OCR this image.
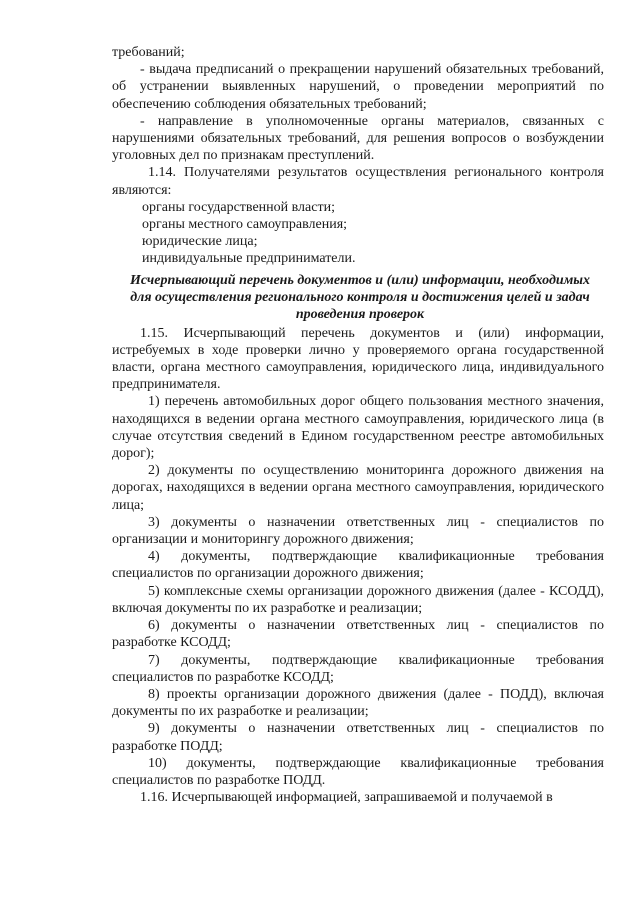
требований;

- выдача предписаний о прекращении нарушений обязательных требований, об устранении выявленных нарушений, о проведении мероприятий по обеспечению соблюдения обязательных требований;

- направление в уполномоченные органы материалов, связанных с нарушениями обязательных требований, для решения вопросов о возбуждении уголовных дел по признакам преступлений.

1.14. Получателями результатов осуществления регионального контроля являются:

органы государственной власти;

органы местного самоуправления;

юридические лица;

индивидуальные предприниматели.

Исчерпывающий перечень документов и (или) информации, необходимых для осуществления регионального контроля и достижения целей и задач проведения проверок

1.15. Исчерпывающий перечень документов и (или) информации, истребуемых в ходе проверки лично у проверяемого органа государственной власти, органа местного самоуправления, юридического лица, индивидуального предпринимателя.

1) перечень автомобильных дорог общего пользования местного значения, находящихся в ведении органа местного самоуправления, юридического лица (в случае отсутствия сведений в Едином государственном реестре автомобильных дорог);

2) документы по осуществлению мониторинга дорожного движения на дорогах, находящихся в ведении органа местного самоуправления, юридического лица;

3) документы о назначении ответственных лиц - специалистов по организации и мониторингу дорожного движения;

4) документы, подтверждающие квалификационные требования специалистов по организации дорожного движения;

5) комплексные схемы организации дорожного движения (далее - КСОДД), включая документы по их разработке и реализации;

6) документы о назначении ответственных лиц - специалистов по разработке КСОДД;

7) документы, подтверждающие квалификационные требования специалистов по разработке КСОДД;

8) проекты организации дорожного движения (далее - ПОДД), включая документы по их разработке и реализации;

9) документы о назначении ответственных лиц - специалистов по разработке ПОДД;

10) документы, подтверждающие квалификационные требования специалистов по разработке ПОДД.

1.16. Исчерпывающей информацией, запрашиваемой и получаемой в
